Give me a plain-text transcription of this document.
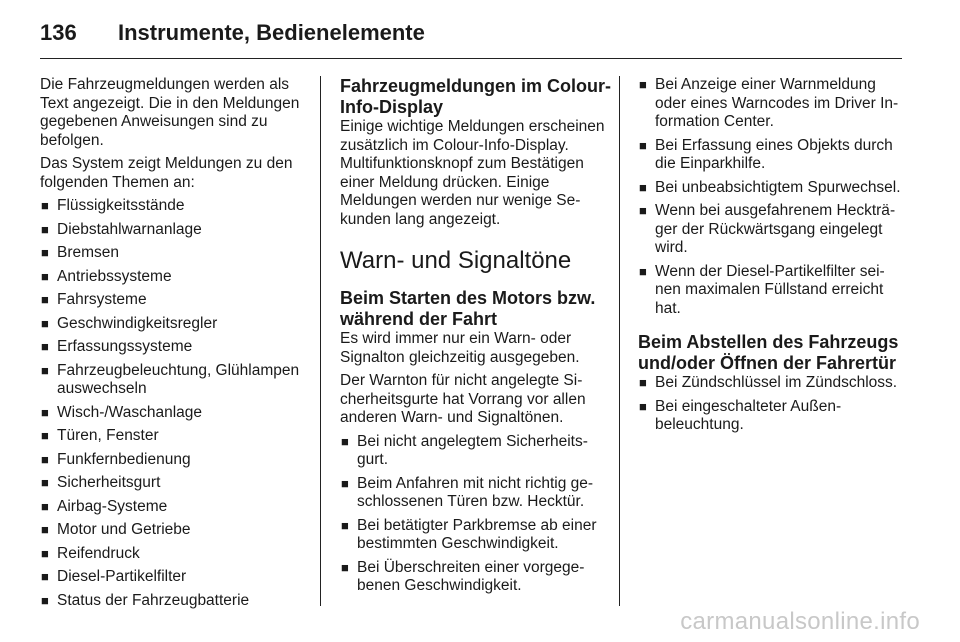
136	Instrumente, Bedienelemente

Die Fahrzeugmeldungen werden als Text angezeigt. Die in den Meldungen gegebenen Anweisungen sind zu befolgen.

Das System zeigt Meldungen zu den folgenden Themen an:

■ Flüssigkeitsstände
■ Diebstahlwarnanlage
■ Bremsen
■ Antriebssysteme
■ Fahrsysteme
■ Geschwindigkeitsregler
■ Erfassungssysteme
■ Fahrzeugbeleuchtung, Glühlampen auswechseln
■ Wisch-/Waschanlage
■ Türen, Fenster
■ Funkfernbedienung
■ Sicherheitsgurt
■ Airbag-Systeme
■ Motor und Getriebe
■ Reifendruck
■ Diesel-Partikelfilter
■ Status der Fahrzeugbatterie
Fahrzeugmeldungen im Colour-Info-Display

Einige wichtige Meldungen erscheinen zusätzlich im Colour-Info-Display. Multifunktionsknopf zum Bestätigen einer Meldung drücken. Einige Meldungen werden nur wenige Sekunden lang angezeigt.

Warn- und Signaltöne
Beim Starten des Motors bzw. während der Fahrt

Es wird immer nur ein Warn- oder Signalton gleichzeitig ausgegeben.

Der Warnton für nicht angelegte Sicherheitsgurte hat Vorrang vor allen anderen Warn- und Signaltönen.

■ Bei nicht angelegtem Sicherheitsgurt.
■ Beim Anfahren mit nicht richtig geschlossenen Türen bzw. Hecktür.
■ Bei betätigter Parkbremse ab einer bestimmten Geschwindigkeit.
■ Bei Überschreiten einer vorgegebenen Geschwindigkeit.
■ Bei Anzeige einer Warnmeldung oder eines Warncodes im Driver Information Center.
■ Bei Erfassung eines Objekts durch die Einparkhilfe.
■ Bei unbeabsichtigtem Spurwechsel.
■ Wenn bei ausgefahrenem Heckträger der Rückwärtsgang eingelegt wird.
■ Wenn der Diesel-Partikelfilter seinen maximalen Füllstand erreicht hat.
Beim Abstellen des Fahrzeugs und/oder Öffnen der Fahrertür
■ Bei Zündschlüssel im Zündschloss.
■ Bei eingeschalteter Außenbeleuchtung.
carmanualsonline.info
